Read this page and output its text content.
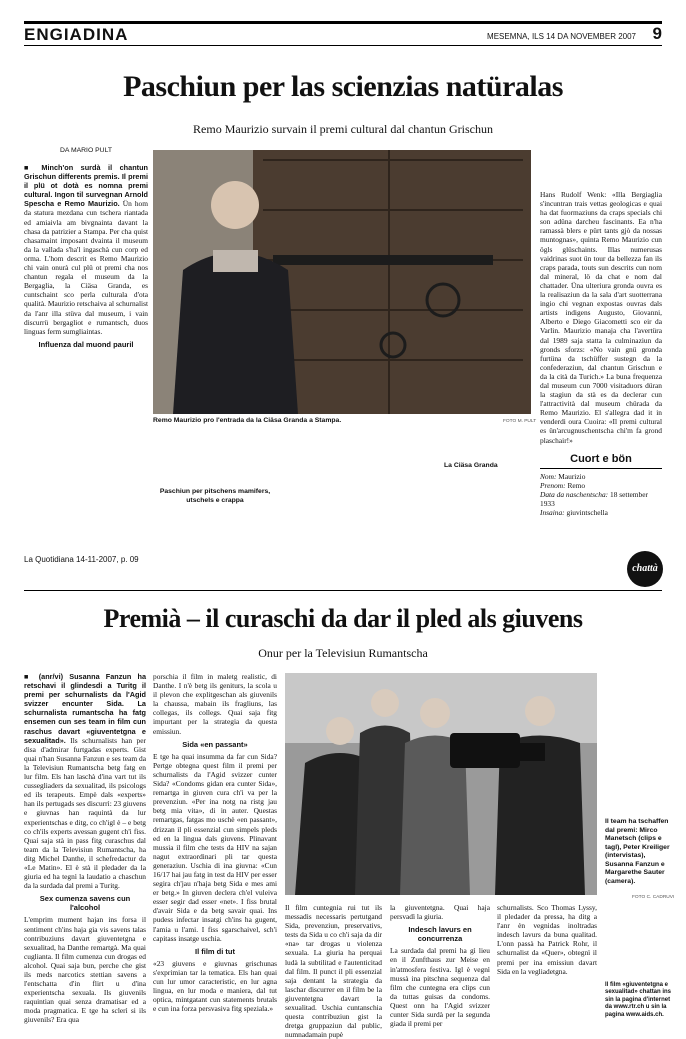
ENGIADINA	MESEMNA, ILS 14 DA NOVEMBER 2007 9
Paschiun per las scienzias natüralas
Remo Maurizio survain il premi cultural dal chantun Grischun
DA MARIO PULT

■ Minch'on surdà il chantun Grischun differents premis. Il premi il plü ot dotà es nomna premi cultural. Ingon til survegnan Arnold Spescha e Remo Maurizio. Ün hom da statura mezdana cun tschera riantada ed amiaivla am bivgnainta davant la chasa da patrizier a Stampa. Per cha quist chasamaint imposant dvainta il museum da la vallada s'ha'l ingaschà cun corp ed orma. L'hom descrit es Remo Maurizio chi vain onurà cul plü ot premi cha nos chantun regala el museum da la Bergaglia, la Ciäsa Granda, es cuntschaint sco perla culturala d'ota qualità. Maurizio retschaiva al schurnalist da l'anr illa stüva dal museum, i vain discurrü bergagliot e rumantsch, duos linguas ferm sumgliaintas.

Influenza dal muond pauril
Remo Maurizio pro l'entrada da la Ciäsa Granda a Stampa.	FOTO M. PULT

Hans Rudolf Wenk: «Illa Bergiaglia s'incuntran trais vettas geologicas e quai ha dat fuormaziuns da craps specials chi son adüna darcheu fascinants. Ea n'ha ramassà blers e pürt tants gjò da nossas muntognas», quinta Remo Maurizio cun ögls glüschaints. Illas numerusas vaidrinas suot ün tour da bellezza fan ils craps parada, touts sun descrits cun nom dal mineral, lö da chat e nom dal chattader. Üna ulteriura gronda ouvra es la realisaziun da la sala d'art suotterrana ingio chi vegnan expostas ouvras dals artists indigens Augusto, Giovanni, Alberto e Diego Giacometti sco eir da Varlin. Maurizio manaja cha l'avertüra dal 1989 saja statta la culminaziun da gronds sforzs: «No vain gnü gronda furtüna da tschüffer sustegn da la confederaziun, dal chantun Grischun e da la cità da Turich.» La buna frequenza dal museum cun 7000 visitaduors düran la stagiun da stà es da declerar cun l'attractività dal museum chürada da Remo Maurizio. El s'allegra dad it in venderdi oura Cuoira: «Il premi cultural es ün'arcugnuschentscha chi'm fa grond plaschair!»

La Ciäsa Granda
Paschiun per pitschens mamifers, utschels e crappa
Cuort e bön
Nom: Maurizio
Prenom: Remo
Data da naschentscha: 18 settember 1933
Insaina: giuvintschella
La Quotidiana 14-11-2007, p. 09
chattà
Premià – il curaschi da dar il pled als giuvens
Onur per la Televisiun Rumantscha

■ (anr/vi) Susanna Fanzun ha retschavi il glindesdi a Turitg il premi per schurnalists da l'Agid svizzer encunter Sida. La schurnalista rumantscha ha fatg ensemen cun ses team in film cun raschus davart «giuventetgna e sexualitad». Ils schurnalists han per disa d'admirar furtgadas experts. Gist quai n'han Susanna Fanzun e ses team da la Televisiun Rumantscha betg fatg en lur film. Els han laschà d'ina vart tut ils cussegliaders da sexualitad, ils psicologs ed ils terapeuts. Empè dals «experts» han ils pertugads ses discurrì: 23 giuvens e giuvnas han raquintà da lur experientschas e ditg, co ch'igl è – e betg co ch'ils experts avessan gugent ch'i fiss. Quai saja stà in pass fitg curaschus dal team da la Televisiun Rumantscha, ha ditg Michel Danthe, il schefredactur da «Le Matin». El è stà il pledader da la giuria ed ha tegnì la laudatio a chaschun da la surdada dal premi a Turitg.

Sex cumenza savens cun l'alcohol

L'emprim mument hajan ins forsa il sentiment ch'ins haja gia vis savens talas contribuziuns davart giuventetgna e sexualitad, ha Danthe remartgà. Ma quai cuglianta. Il film cumenza cun drogas ed alcohol. Quai saja bun, perche che gist ils meds narcotics stettian savens a l'entschatta d'in flirt u d'ina experientscha sexuala. Ils giuvenils raquintian quai senza dramatisar ed a moda pragmatica. E tge ha sclerì si ils giuvenils? Era qua

porschia il film in maletg realistic, di Danthe. I n'è betg ils geniturs, la scola u il plevon che explitgeschan als giuvenils la chaussa, mabain ils fragliuns, las collegas, ils collegs. Quai saja fitg impurtant per la strategia da questa emissiun.

Sida «en passant»

E tge ha quai insumma da far cun Sida? Pertge obtegna quest film il premi per schurnalists da l'Agid svizzer cunter Sida? «Condoms gidan era cunter Sida», remartga in giuven cura ch'i va per la prevenziun. «Per ina notg na ristg jau betg mia vita», di in auter. Questas remartgas, fatgas mo uschè «en passant», drizzan il pli essenzial cun simpels pleds ed en la lingua dals giuvens. Plinavant mussia il film che tests da HIV na sajan nagut extraordinari pli tar questa generaziun. Uschia di ina giuvna: «Cun 16/17 hai jau fatg in test da HIV per esser segira ch'jau n'haja betg Sida e mes ami er betg.» In giuven declera ch'el vuleiva esser segir dad esser «net». I fiss brutal d'avair Sida e da betg savair quai. Ins pudess infectar insatgi ch'ins ha gugent, l'amia u l'ami. I fiss sgarschaivel, sch'i capitass insatge uschia.

Il film di tut

«23 giuvens e giuvnas grischunas s'exprimian tar la tematica. Els han quai cun lur umor caracteristic, en lur agna lingua, en lur moda e maniera, dal tut optica, mintgatant cun statements brutals e cun ina forza persvasiva fitg speziala.»

Il team ha tschaffen dal premi: Mirco Manetsch (clips e tagl), Peter Kreiliger (intervistas), Susanna Fanzun e Margarethe Sauter (camera).
FOTO C. CADRUVI

Il film cuntegnia rui tut ils messadis necessaris pertutgand Sida, prevenziun, preservativs, tests da Sida u co ch'i saja da dir «na» tar drogas u violenza sexuala. La giuria ha perquai ludà la subtilitad e l'autenticitad dal film. Il punct il pli essenzial saja dentant la strategia da laschar discurrer en il film be la giuventetgna davart la sexualitad. Uschia cuntanschia questa contribuziun gist la dretga gruppaziun dal public, numnadamain pupè

la giuventetgna. Quai haja persvadì la giuria.

Indesch lavurs en concurrenza

La surdada dal premi ha gì lieu en il Zunfthaus zur Meise en in'atmosfera festiva. Igl è vegnì mussà ina pitschna sequenza dal film che cuntegna era clips cun da tuttas guisas da condoms. Quest onn ha l'Agid svizzer cunter Sida surdà per la segunda giada il premi per

schurnalists. Sco Thomas Lyssy, il pledader da pressa, ha ditg a l'anr èn vegnidas inoltradas indesch lavurs da buna qualitad. L'onn passà ha Patrick Rohr, il schurnalist da «Quer», obtegnì il premi per ina emissiun davart Sida en la vegliadetgna.

Il film «giuventetgna e sexualitad» chattan ins sin la pagina d'internet da www.rtr.ch u sin la pagina www.aids.ch.
